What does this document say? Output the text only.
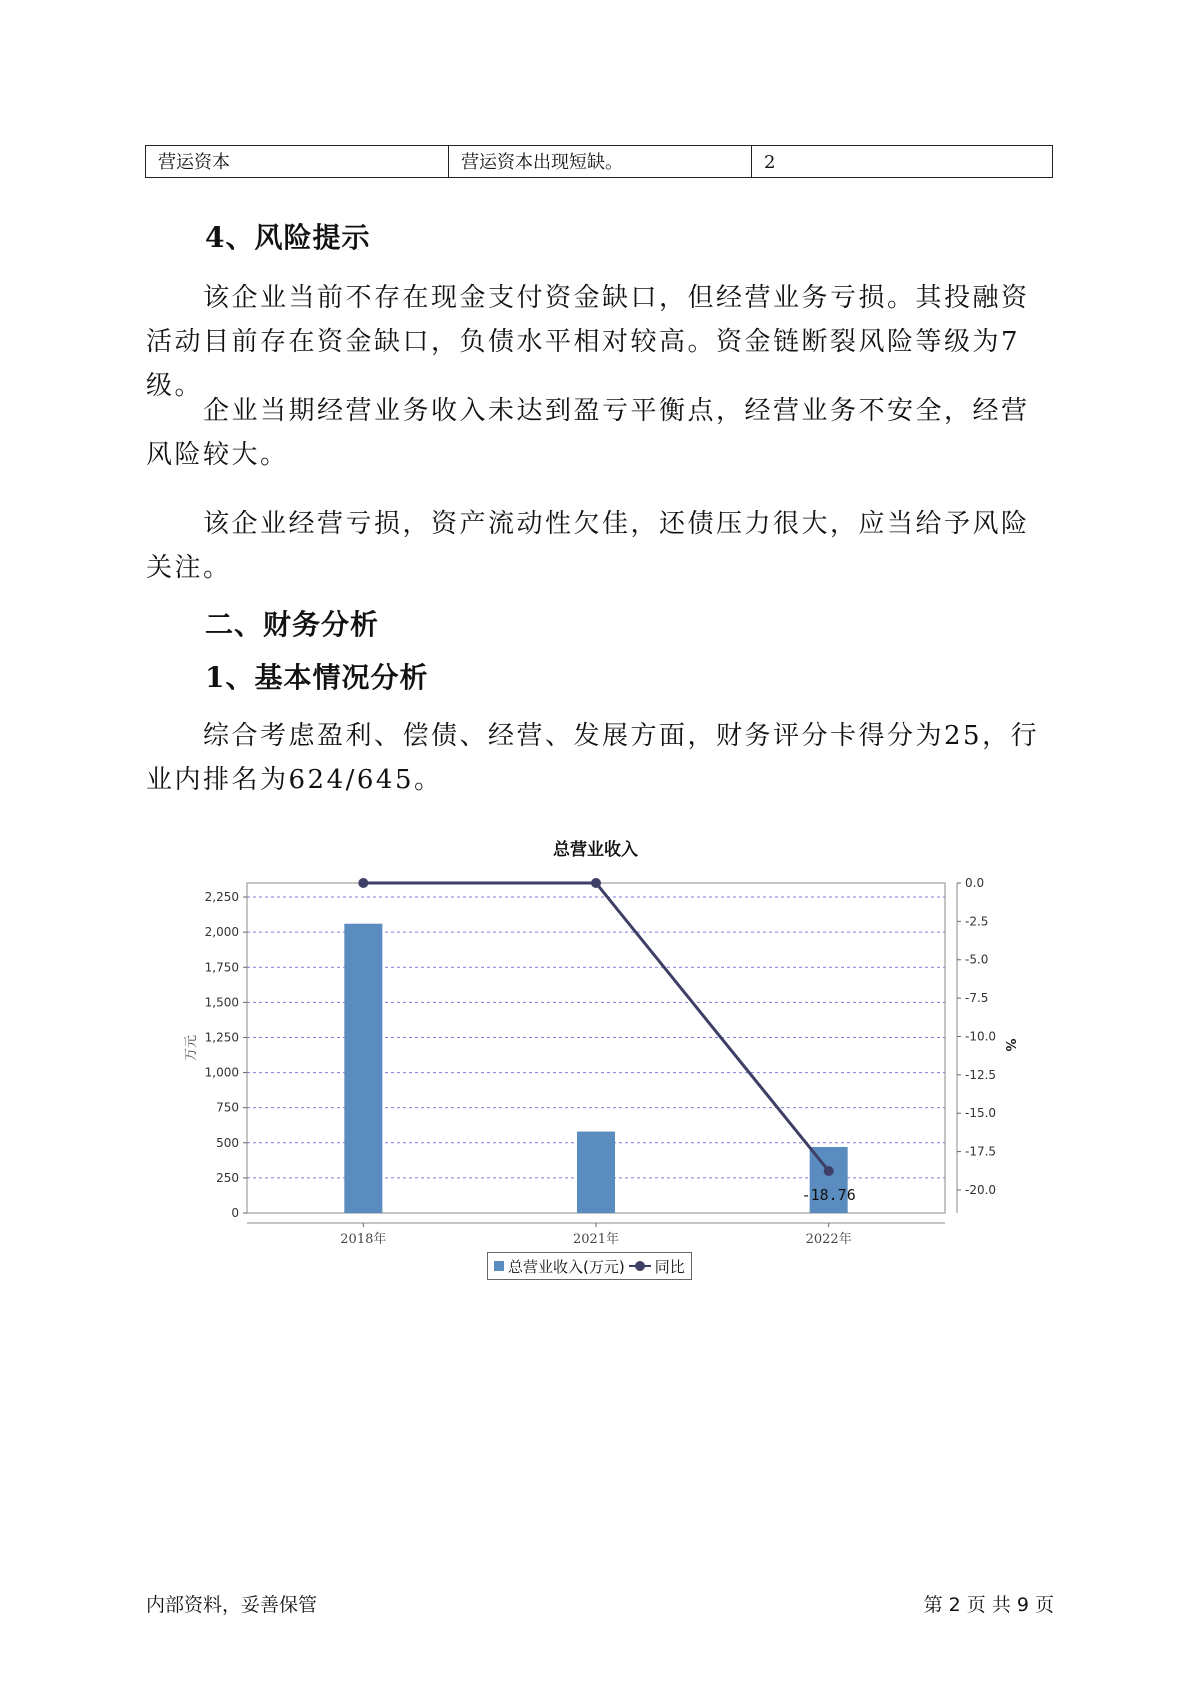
营运资本	营运资本出现短缺。	2
4、风险提示

该企业当前不存在现金支付资金缺口，但经营业务亏损。其投融资活动目前存在资金缺口，负债水平相对较高。资金链断裂风险等级为7级。

企业当期经营业务收入未达到盈亏平衡点，经营业务不安全，经营风险较大。

该企业经营亏损，资产流动性欠佳，还债压力很大，应当给予风险关注。

二、财务分析
1、基本情况分析

综合考虑盈利、偿债、经营、发展方面，财务评分卡得分为25，行业内排名为624/645。

总营业收入
0
250
500
750
1,000
1,250
1,500
1,750
2,000
2,250
0.0
-2.5
-5.0
-7.5
-10.0
-12.5
-15.0
-17.5
-20.0
万元	%
2018年	2021年	2022年
-18.76
总营业收入(万元) 同比
内部资料，妥善保管	第 2 页 共 9 页
